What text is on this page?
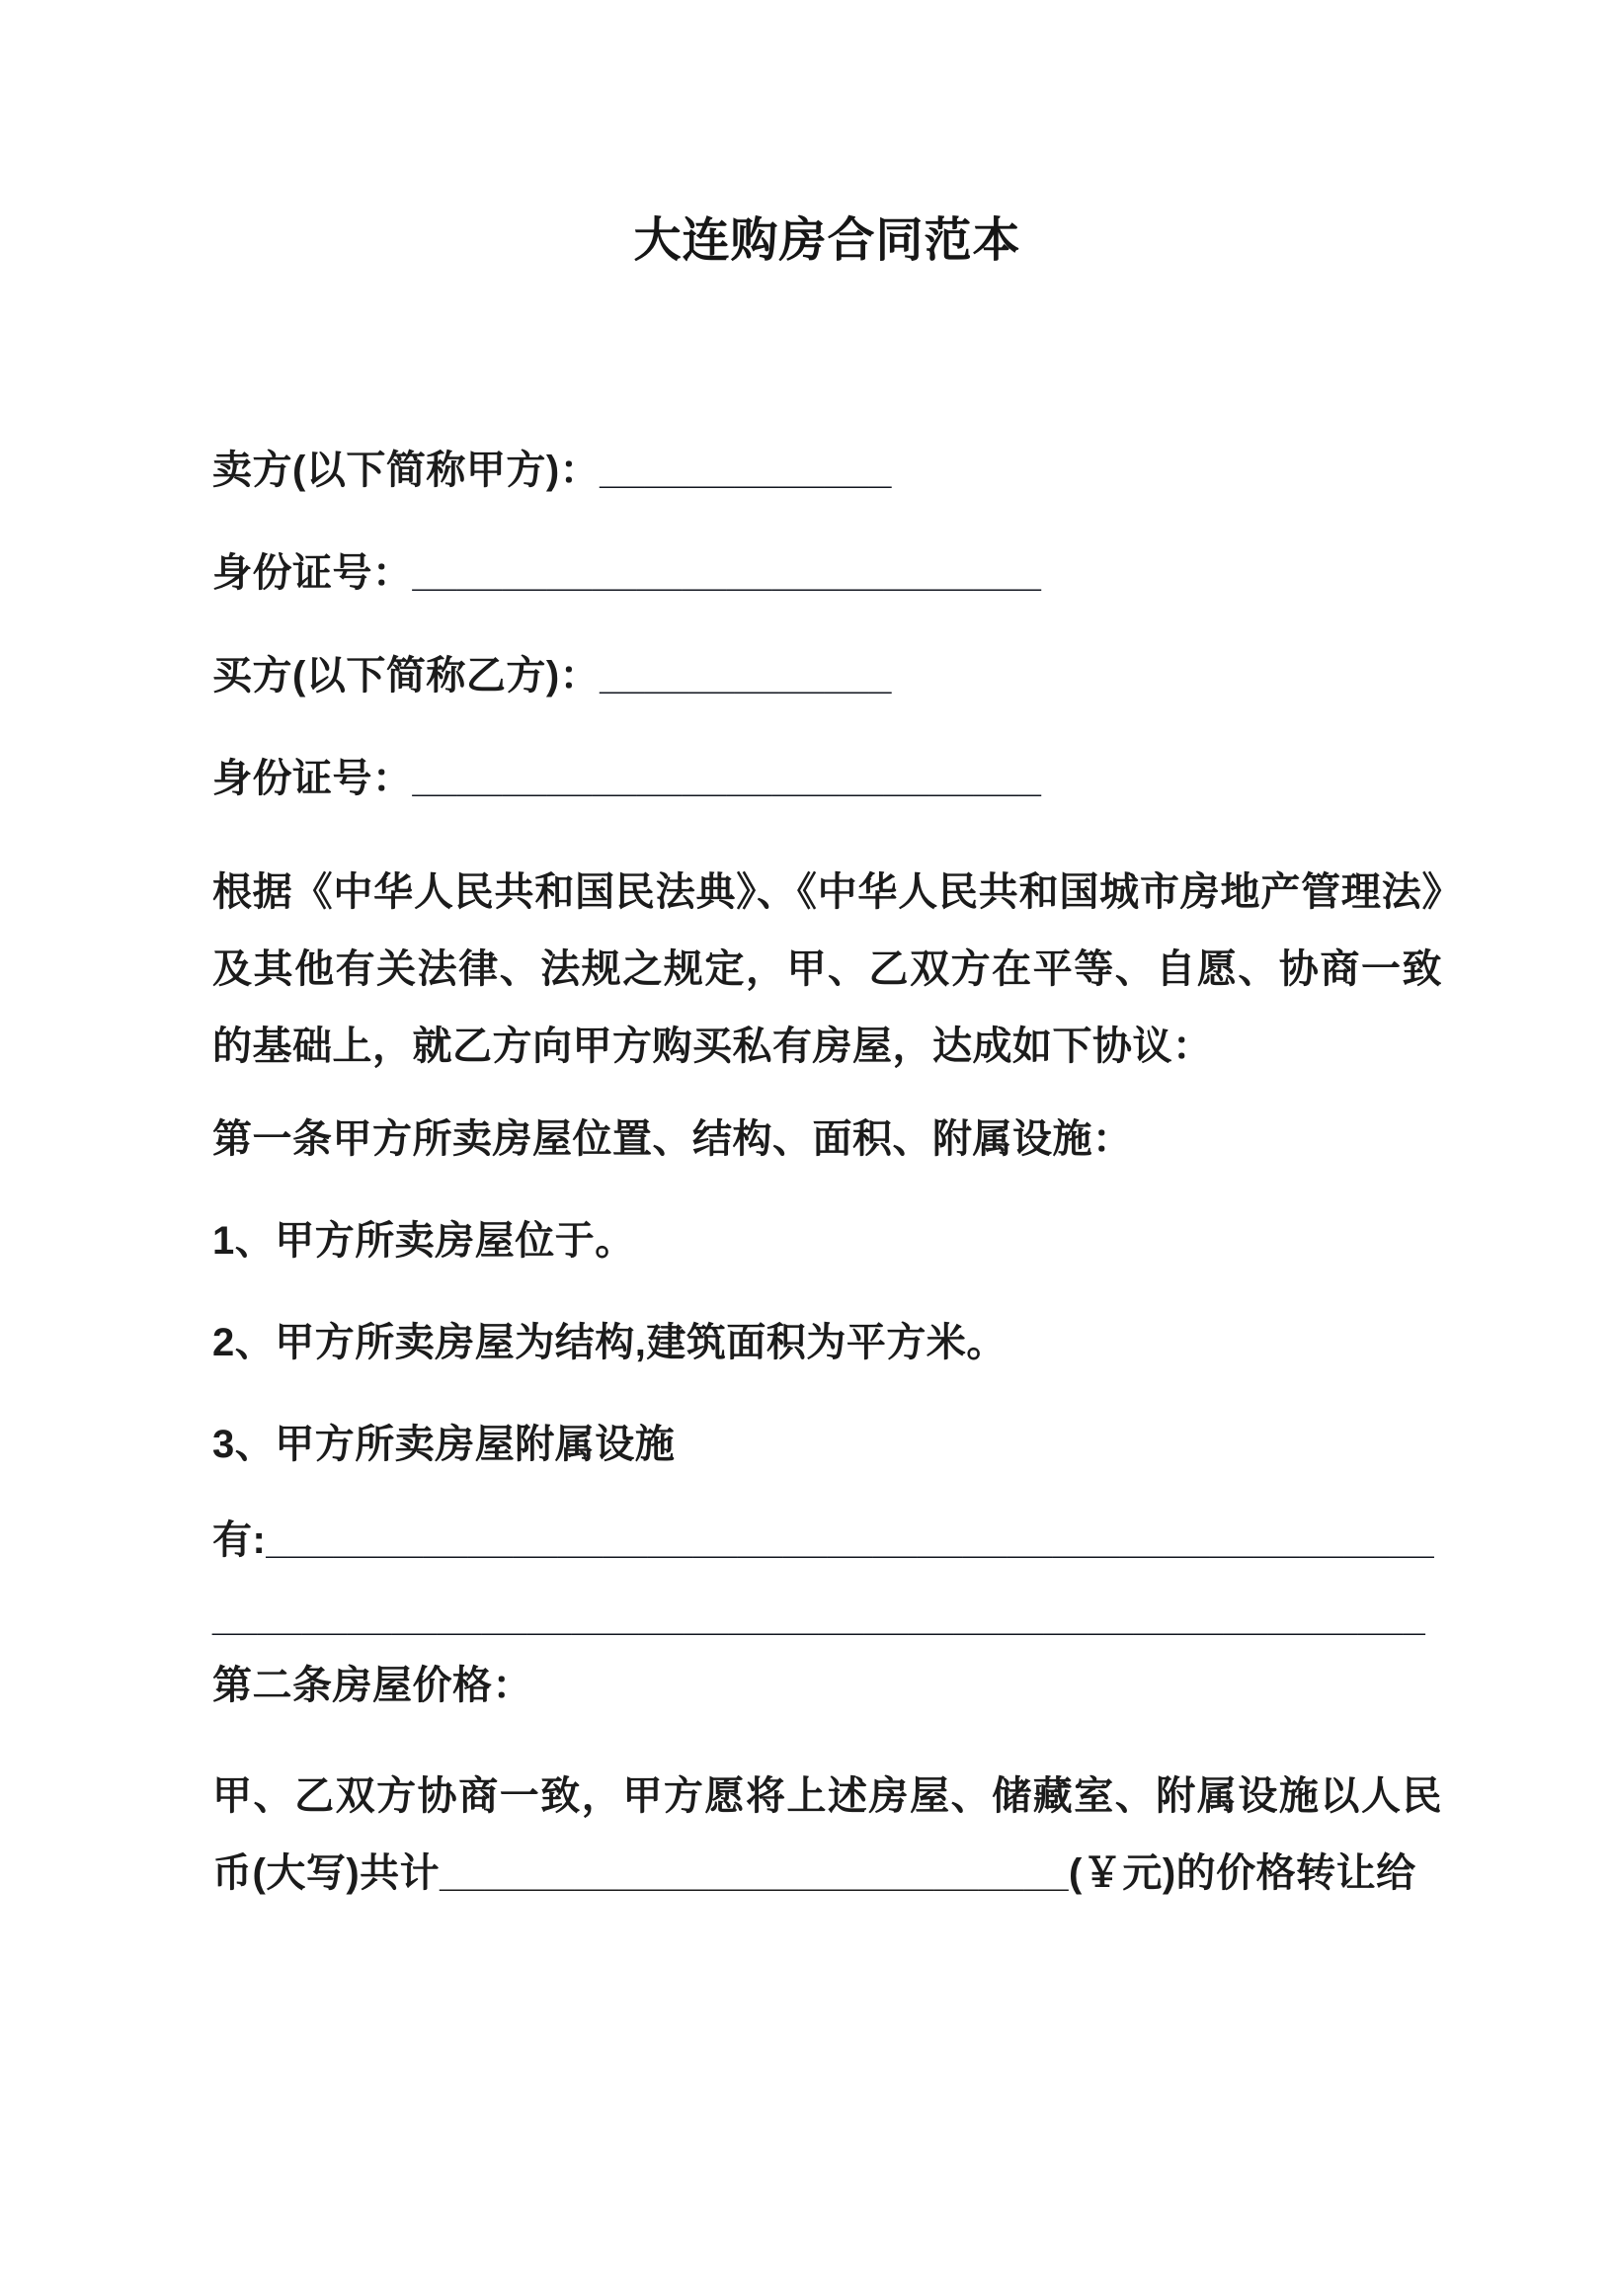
大连购房合同范本

卖方(以下简称甲方)：_____________

身份证号：____________________________

买方(以下简称乙方)：_____________

身份证号：____________________________

根据《中华人民共和国民法典》、《中华人民共和国城市房地产管理法》及其他有关法律、法规之规定，甲、乙双方在平等、自愿、协商一致的基础上，就乙方向甲方购买私有房屋，达成如下协议：

第一条甲方所卖房屋位置、结构、面积、附属设施：

1、甲方所卖房屋位于。

2、甲方所卖房屋为结构,建筑面积为平方米。

3、甲方所卖房屋附属设施

有:____________________________________________________
______________________________________________________

第二条房屋价格：

甲、乙双方协商一致，甲方愿将上述房屋、储藏室、附属设施以人民币(大写)共计____________________________(￥元)的价格转让给
